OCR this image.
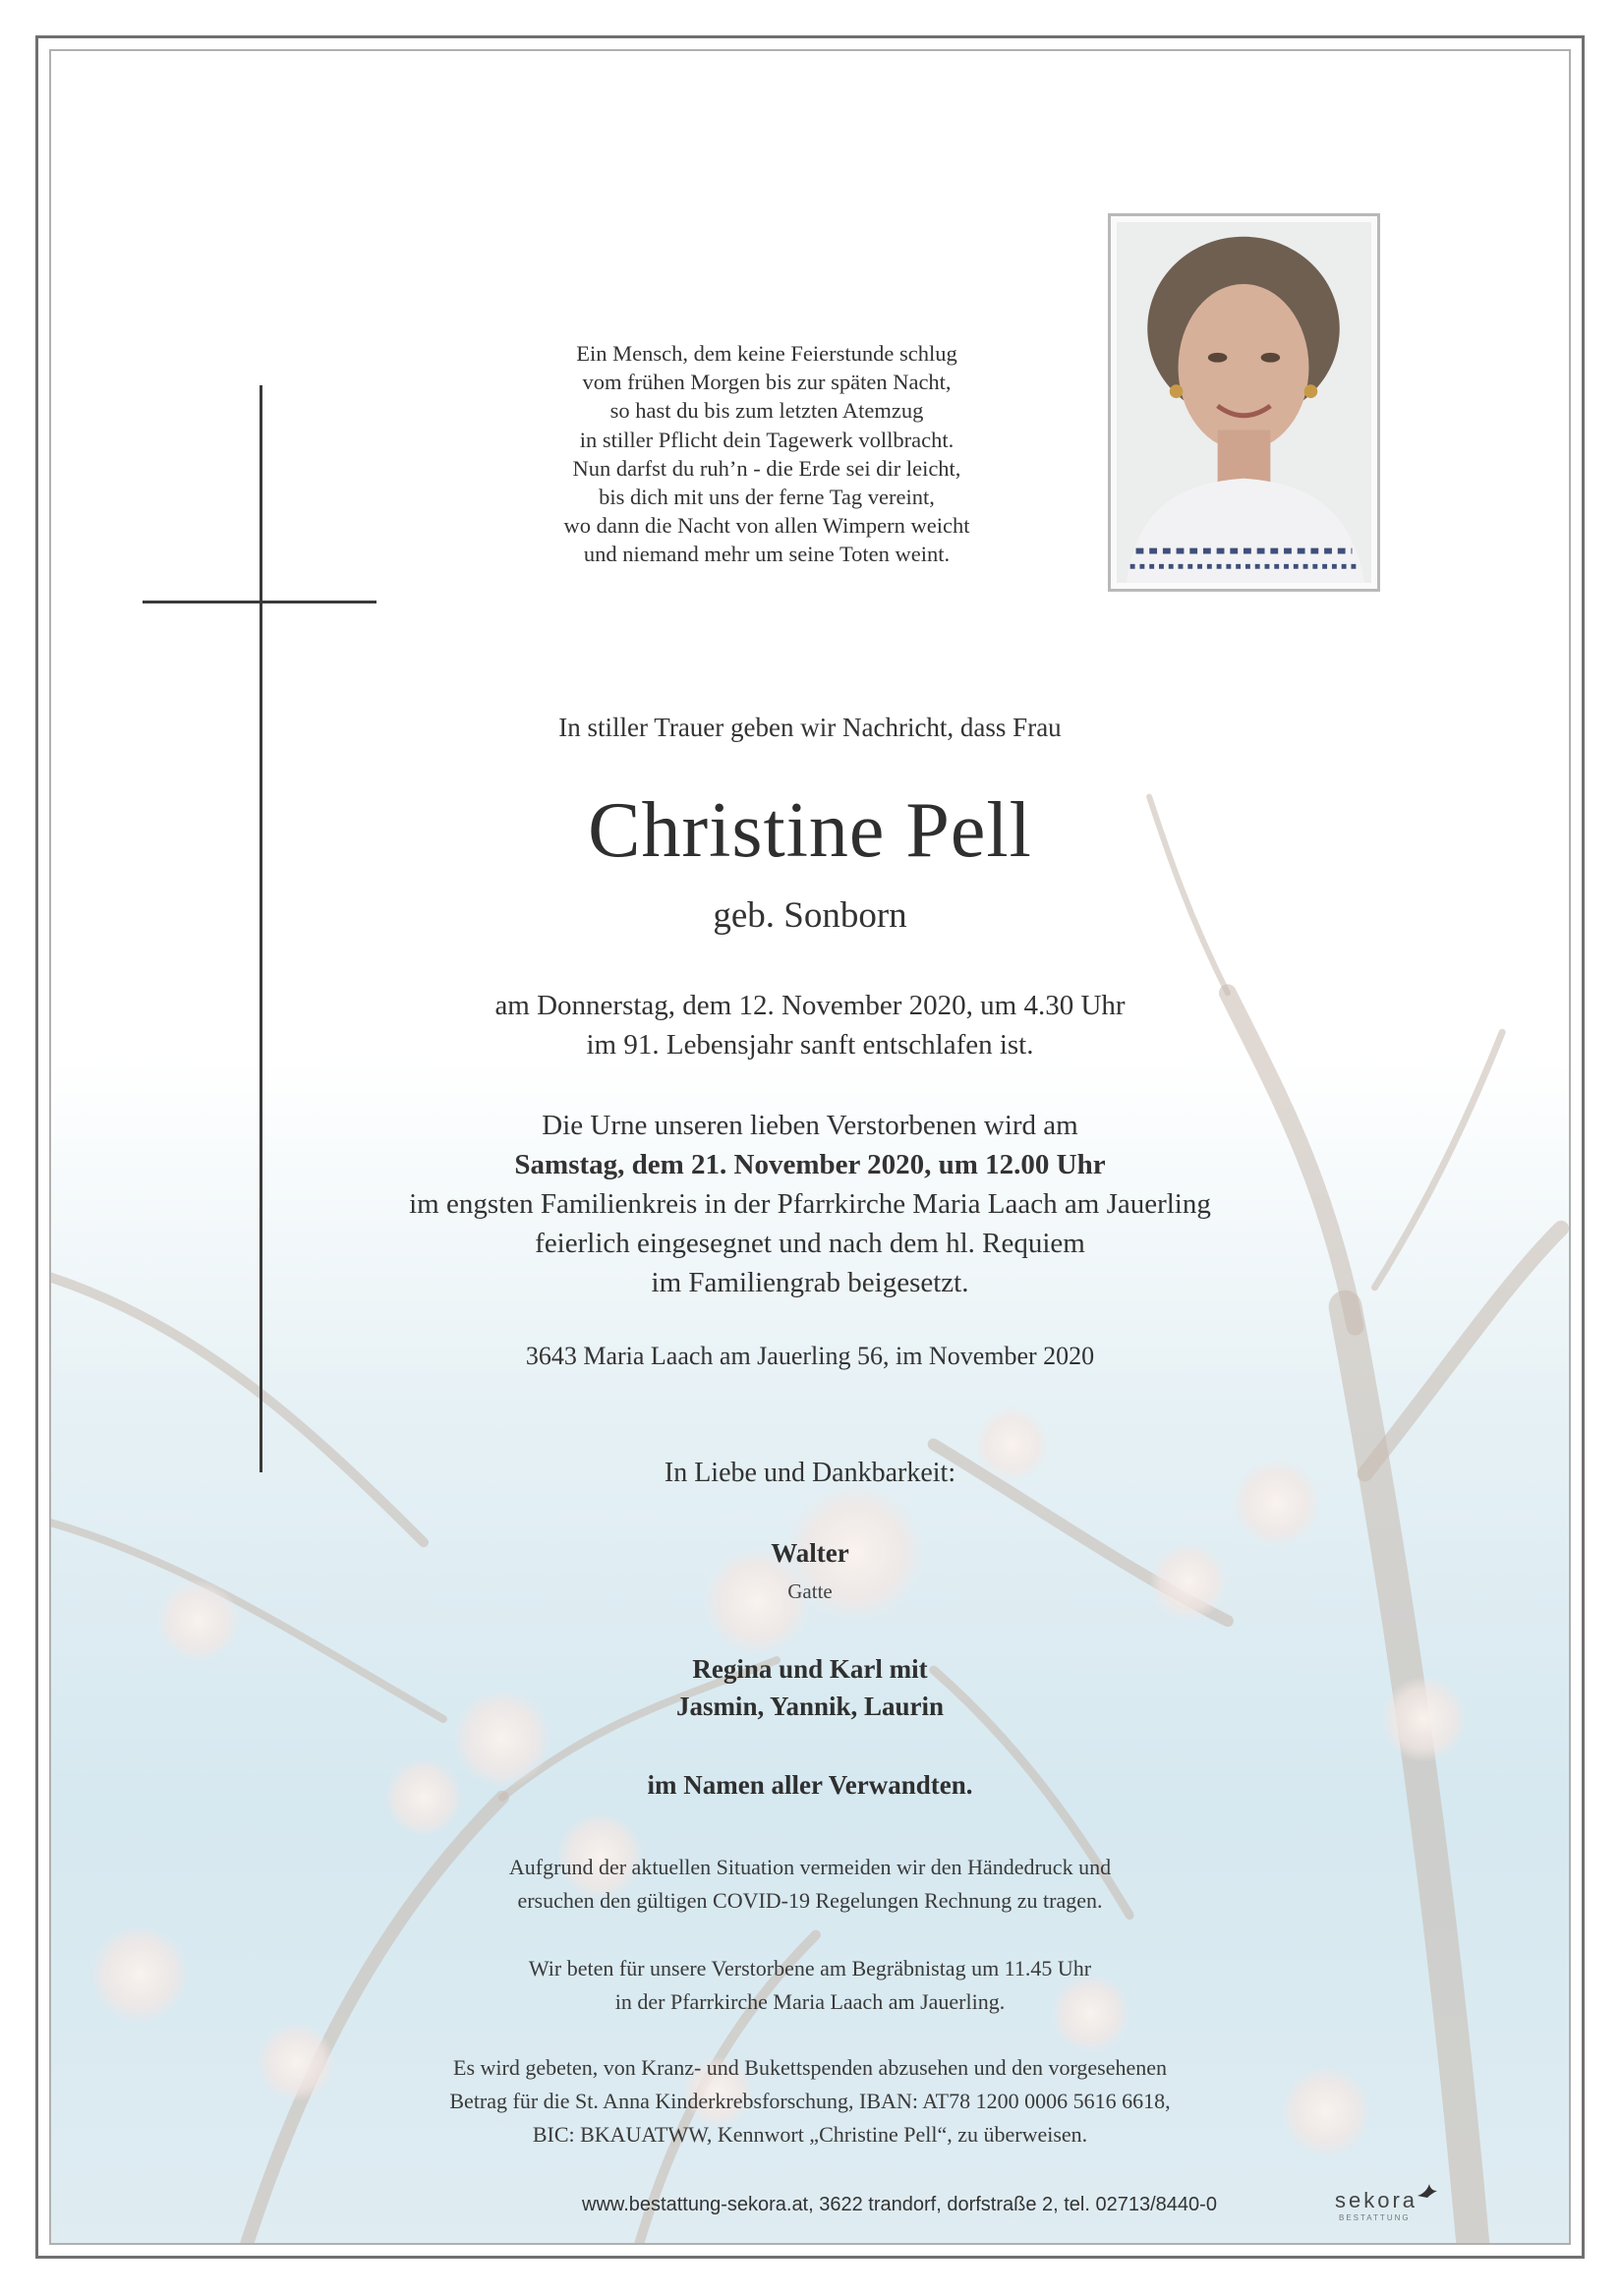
Ein Mensch, dem keine Feierstunde schlug
vom frühen Morgen bis zur späten Nacht,
so hast du bis zum letzten Atemzug
in stiller Pflicht dein Tagewerk vollbracht.
Nun darfst du ruh’n - die Erde sei dir leicht,
bis dich mit uns der ferne Tag vereint,
wo dann die Nacht von allen Wimpern weicht
und niemand mehr um seine Toten weint.
In stiller Trauer geben wir Nachricht, dass Frau
Christine Pell
geb. Sonborn
am Donnerstag, dem 12. November 2020, um 4.30 Uhr
im 91. Lebensjahr sanft entschlafen ist.
Die Urne unseren lieben Verstorbenen wird am
Samstag, dem 21. November 2020, um 12.00 Uhr
im engsten Familienkreis in der Pfarrkirche Maria Laach am Jauerling
feierlich eingesegnet und nach dem hl. Requiem
im Familiengrab beigesetzt.
3643 Maria Laach am Jauerling 56, im November 2020
In Liebe und Dankbarkeit:
Walter
Gatte
Regina und Karl mit
Jasmin, Yannik, Laurin
im Namen aller Verwandten.
Aufgrund der aktuellen Situation vermeiden wir den Händedruck und
ersuchen den gültigen COVID-19 Regelungen Rechnung zu tragen.
Wir beten für unsere Verstorbene am Begräbnistag um 11.45 Uhr
in der Pfarrkirche Maria Laach am Jauerling.
Es wird gebeten, von Kranz- und Bukettspenden abzusehen und den vorgesehenen
Betrag für die St. Anna Kinderkrebsforschung, IBAN: AT78 1200 0006 5616 6618,
BIC: BKAUATWW, Kennwort „Christine Pell“, zu überweisen.
www.bestattung-sekora.at, 3622 trandorf, dorfstraße 2, tel. 02713/8440-0	sekora
BESTATTUNG
